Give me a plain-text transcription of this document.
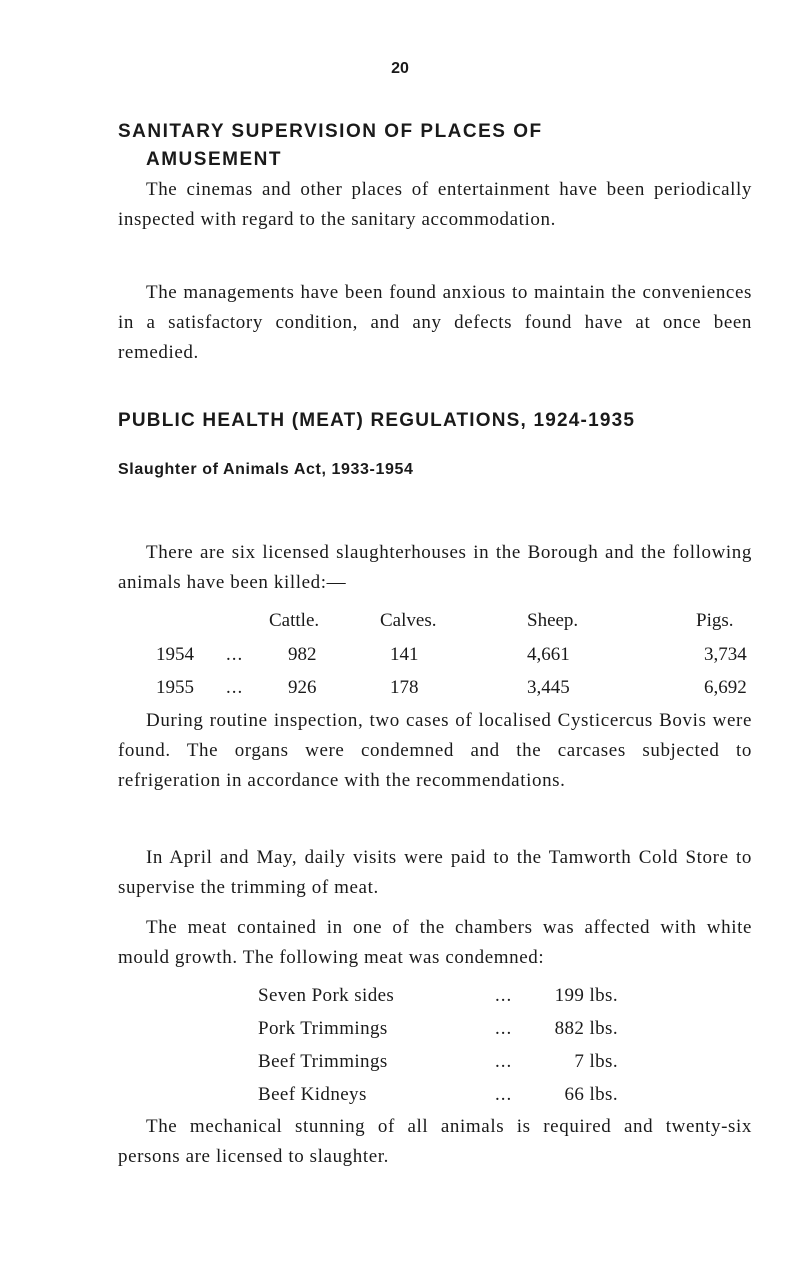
20
SANITARY SUPERVISION OF PLACES OF
AMUSEMENT

The cinemas and other places of entertainment have been periodically inspected with regard to the sanitary accommodation.

The managements have been found anxious to maintain the conveniences in a satisfactory condition, and any defects found have at once been remedied.

PUBLIC HEALTH (MEAT) REGULATIONS, 1924-1935
Slaughter of Animals Act, 1933-1954

There are six licensed slaughterhouses in the Borough and the following animals have been killed:—

Cattle.	Calves.	Sheep.	Pigs.
1954 ... 982	141	4,661	3,734
1955 ... 926	178	3,445	6,692

During routine inspection, two cases of localised Cysticercus Bovis were found. The organs were condemned and the carcases subjected to refrigeration in accordance with the recommendations.

In April and May, daily visits were paid to the Tamworth Cold Store to supervise the trimming of meat.

The meat contained in one of the chambers was affected with white mould growth. The following meat was condemned:

Seven Pork sides	... 199 lbs.
Pork Trimmings	... 882 lbs.
Beef Trimmings	...	7 lbs.
Beef Kidneys	...	66 lbs.

The mechanical stunning of all animals is required and twenty-six persons are licensed to slaughter.
